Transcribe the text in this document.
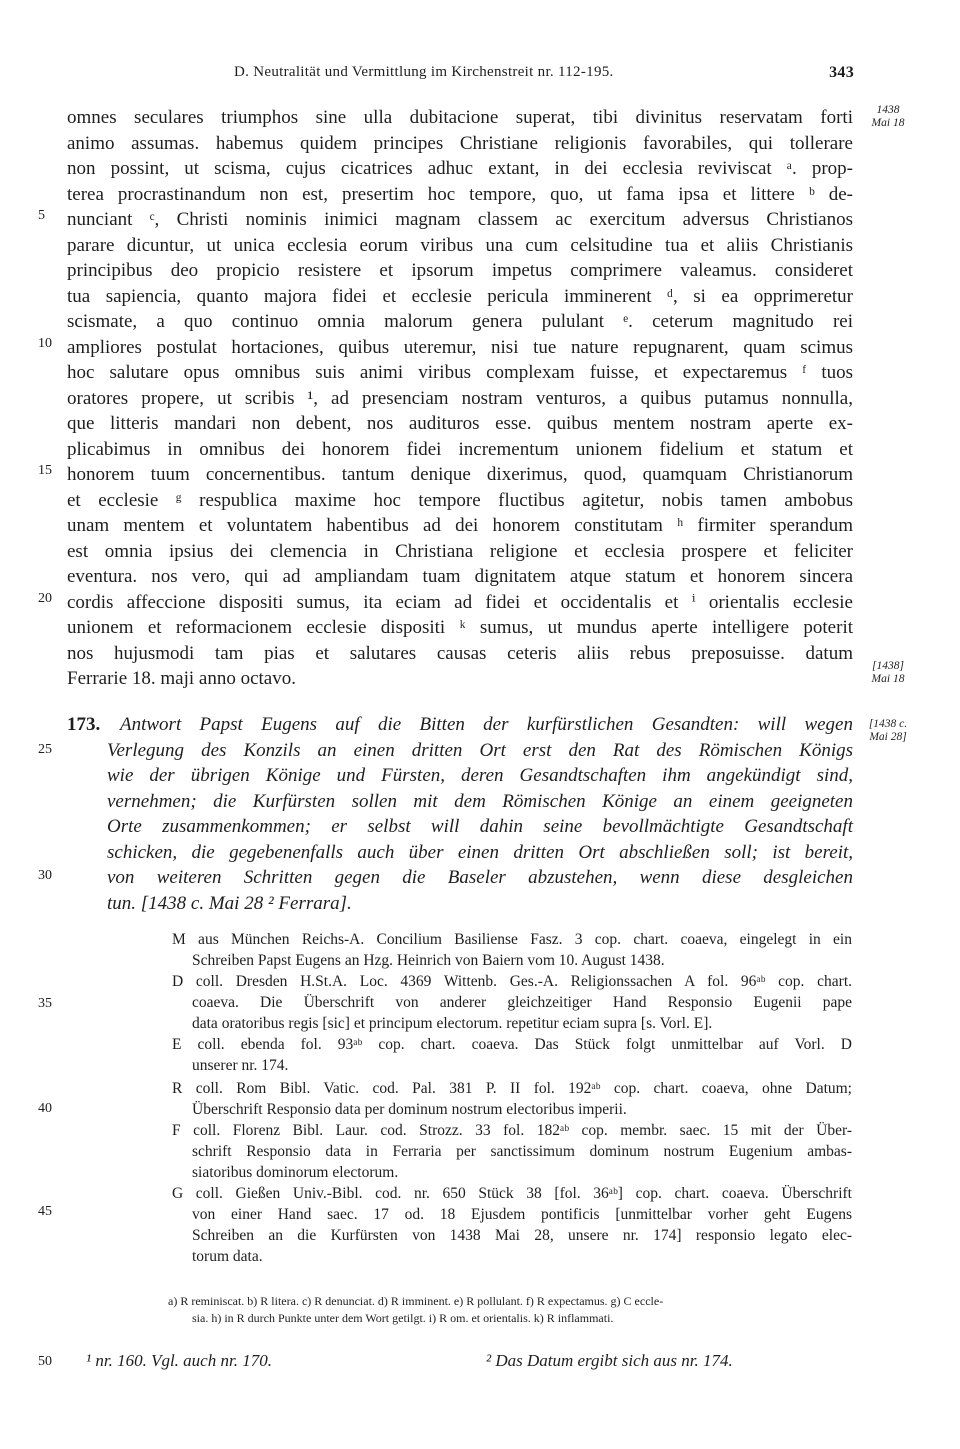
D. Neutralität und Vermittlung im Kirchenstreit nr. 112-195.	343
1438
Mai 18
[1438]
Mai 18
[1438 c.
Mai 28]
5
10
15
20
25
30
35
40
45
50
omnes seculares triumphos sine ulla dubitacione superat, tibi divinitus reservatam forti
animo assumas. habemus quidem principes Christiane religionis favorabiles, qui tollerare
non possint, ut scisma, cujus cicatrices adhuc extant, in dei ecclesia reviviscat ᵃ. prop-
terea procrastinandum non est, presertim hoc tempore, quo, ut fama ipsa et littere ᵇ de-
nunciant ᶜ, Christi nominis inimici magnam classem ac exercitum adversus Christianos
parare dicuntur, ut unica ecclesia eorum viribus una cum celsitudine tua et aliis Christianis
principibus deo propicio resistere et ipsorum impetus comprimere valeamus. consideret
tua sapiencia, quanto majora fidei et ecclesie pericula imminerent ᵈ, si ea opprimeretur
scismate, a quo continuo omnia malorum genera pululant ᵉ. ceterum magnitudo rei
ampliores postulat hortaciones, quibus uteremur, nisi tue nature repugnarent, quam scimus
hoc salutare opus omnibus suis animi viribus complexam fuisse, et expectaremus ᶠ tuos
oratores propere, ut scribis ¹, ad presenciam nostram venturos, a quibus putamus nonnulla,
que litteris mandari non debent, nos audituros esse. quibus mentem nostram aperte ex-
plicabimus in omnibus dei honorem fidei incrementum unionem fidelium et statum et
honorem tuum concernentibus. tantum denique dixerimus, quod, quamquam Christianorum
et ecclesie ᵍ respublica maxime hoc tempore fluctibus agitetur, nobis tamen ambobus
unam mentem et voluntatem habentibus ad dei honorem constitutam ʰ firmiter sperandum
est omnia ipsius dei clemencia in Christiana religione et ecclesia prospere et feliciter
eventura. nos vero, qui ad ampliandam tuam dignitatem atque statum et honorem sincera
cordis affeccione dispositi sumus, ita eciam ad fidei et occidentalis et ⁱ orientalis ecclesie
unionem et reformacionem ecclesie dispositi ᵏ sumus, ut mundus aperte intelligere poterit
nos hujusmodi tam pias et salutares causas ceteris aliis rebus preposuisse. datum
Ferrarie 18. maji anno octavo.
173.	Antwort Papst Eugens auf die Bitten der kurfürstlichen Gesandten: will wegen
Verlegung des Konzils an einen dritten Ort erst den Rat des Römischen Königs
wie der übrigen Könige und Fürsten, deren Gesandtschaften ihm angekündigt sind,
vernehmen; die Kurfürsten sollen mit dem Römischen Könige an einem geeigneten
Orte zusammenkommen; er selbst will dahin seine bevollmächtigte Gesandtschaft
schicken, die gegebenenfalls auch über einen dritten Ort abschließen soll; ist bereit,
von weiteren Schritten gegen die Baseler abzustehen, wenn diese desgleichen
tun. [1438 c. Mai 28 ² Ferrara].
M aus München Reichs-A. Concilium Basiliense Fasz. 3 cop. chart. coaeva, eingelegt in ein
Schreiben Papst Eugens an Hzg. Heinrich von Baiern vom 10. August 1438.
D coll. Dresden H.St.A. Loc. 4369 Wittenb. Ges.-A. Religionssachen A fol. 96ᵃᵇ cop. chart.
coaeva. Die Überschrift von anderer gleichzeitiger Hand Responsio Eugenii pape
data oratoribus regis [sic] et principum electorum. repetitur eciam supra [s. Vorl. E].
E coll. ebenda fol. 93ᵃᵇ cop. chart. coaeva. Das Stück folgt unmittelbar auf Vorl. D
unserer nr. 174.
R coll. Rom Bibl. Vatic. cod. Pal. 381 P. II fol. 192ᵃᵇ cop. chart. coaeva, ohne Datum;
Überschrift Responsio data per dominum nostrum electoribus imperii.
F coll. Florenz Bibl. Laur. cod. Strozz. 33 fol. 182ᵃᵇ cop. membr. saec. 15 mit der Über-
schrift Responsio data in Ferraria per sanctissimum dominum nostrum Eugenium ambas-
siatoribus dominorum electorum.
G coll. Gießen Univ.-Bibl. cod. nr. 650 Stück 38 [fol. 36ᵃᵇ] cop. chart. coaeva. Überschrift
von einer Hand saec. 17 od. 18 Ejusdem pontificis [unmittelbar vorher geht Eugens
Schreiben an die Kurfürsten von 1438 Mai 28, unsere nr. 174] responsio legato elec-
torum data.
a) R reminiscat. b) R litera. c) R denunciat. d) R imminent. e) R pollulant. f) R expectamus. g) C eccle-
sia. h) in R durch Punkte unter dem Wort getilgt. i) R om. et orientalis. k) R inflammati.
¹ nr. 160. Vgl. auch nr. 170.	² Das Datum ergibt sich aus nr. 174.
